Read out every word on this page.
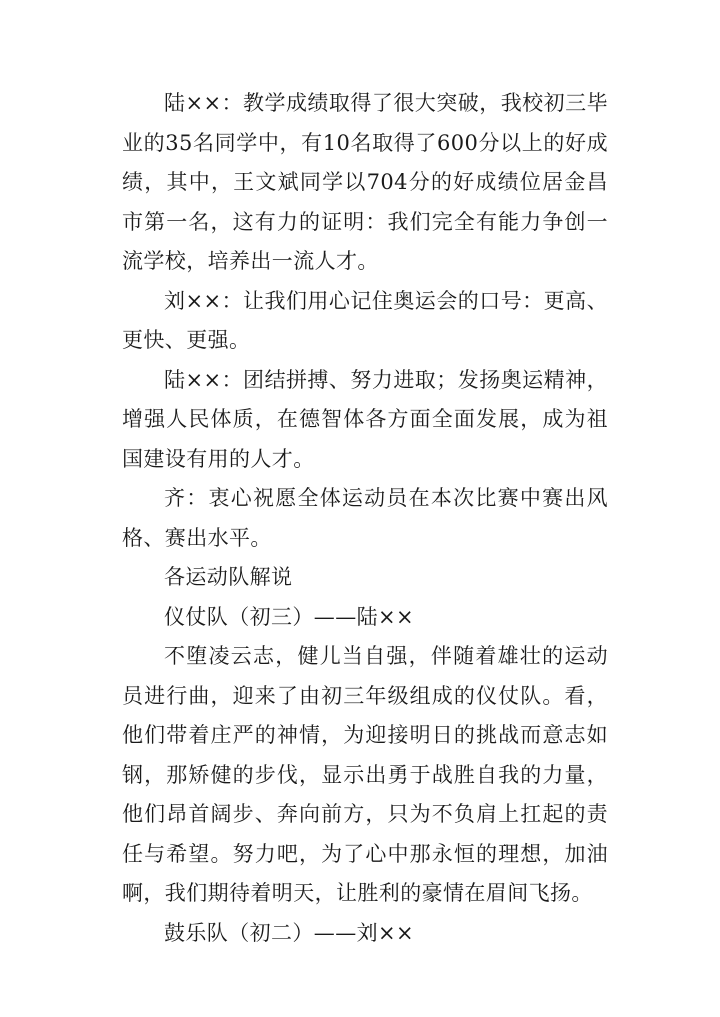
陆××：教学成绩取得了很大突破，我校初三毕业的35名同学中，有10名取得了600分以上的好成绩，其中，王文斌同学以704分的好成绩位居金昌市第一名，这有力的证明：我们完全有能力争创一流学校，培养出一流人才。

刘××：让我们用心记住奥运会的口号：更高、更快、更强。

陆××：团结拼搏、努力进取；发扬奥运精神，增强人民体质，在德智体各方面全面发展，成为祖国建设有用的人才。

齐：衷心祝愿全体运动员在本次比赛中赛出风格、赛出水平。

各运动队解说

仪仗队（初三）——陆××

不堕凌云志，健儿当自强，伴随着雄壮的运动员进行曲，迎来了由初三年级组成的仪仗队。看，他们带着庄严的神情，为迎接明日的挑战而意志如钢，那矫健的步伐，显示出勇于战胜自我的力量，他们昂首阔步、奔向前方，只为不负肩上扛起的责任与希望。努力吧，为了心中那永恒的理想，加油啊，我们期待着明天，让胜利的豪情在眉间飞扬。

鼓乐队（初二）——刘××
